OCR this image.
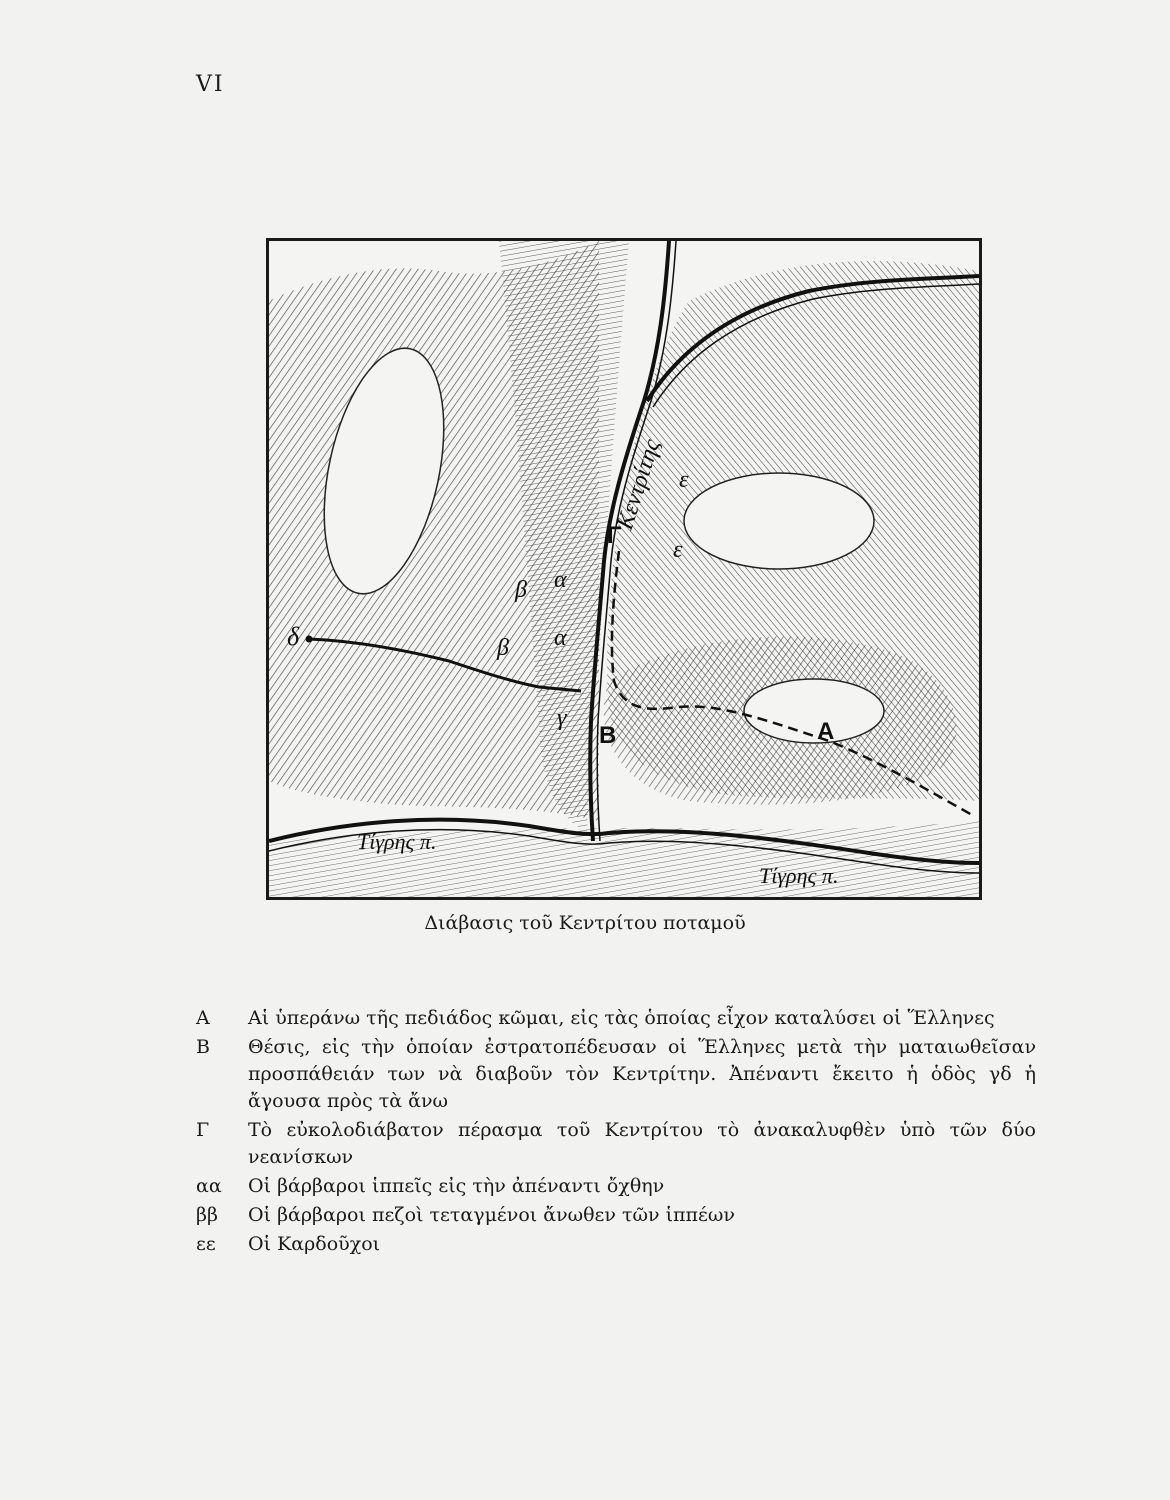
VI
Κεντρίτης
Τίγρης π.
Τίγρης π.
A
B
Γ
δ
γ
β
β
α
α
ε
ε
Διάβασις τοῦ Κεντρίτου ποταμοῦ
A	Αἱ ὑπεράνω τῆς πεδιάδος κῶμαι, εἰς τὰς ὁποίας εἶχον καταλύσει οἱ Ἕλληνες
B	Θέσις, εἰς τὴν ὁποίαν ἐστρατοπέδευσαν οἱ Ἕλληνες μετὰ τὴν ματαιωθεῖσαν προσπάθειάν των νὰ διαβοῦν τὸν Κεντρίτην. Ἀπέναντι ἔκειτο ἡ ὁδὸς γδ ἡ ἄγουσα πρὸς τὰ ἄνω
Γ	Τὸ εὐκολοδιάβατον πέρασμα τοῦ Κεντρίτου τὸ ἀνακαλυφθὲν ὑπὸ τῶν δύο νεανίσκων
αα	Οἱ βάρβαροι ἱππεῖς εἰς τὴν ἀπέναντι ὄχθην
ββ	Οἱ βάρβαροι πεζοὶ τεταγμένοι ἄνωθεν τῶν ἱππέων
εε	Οἱ Καρδοῦχοι
